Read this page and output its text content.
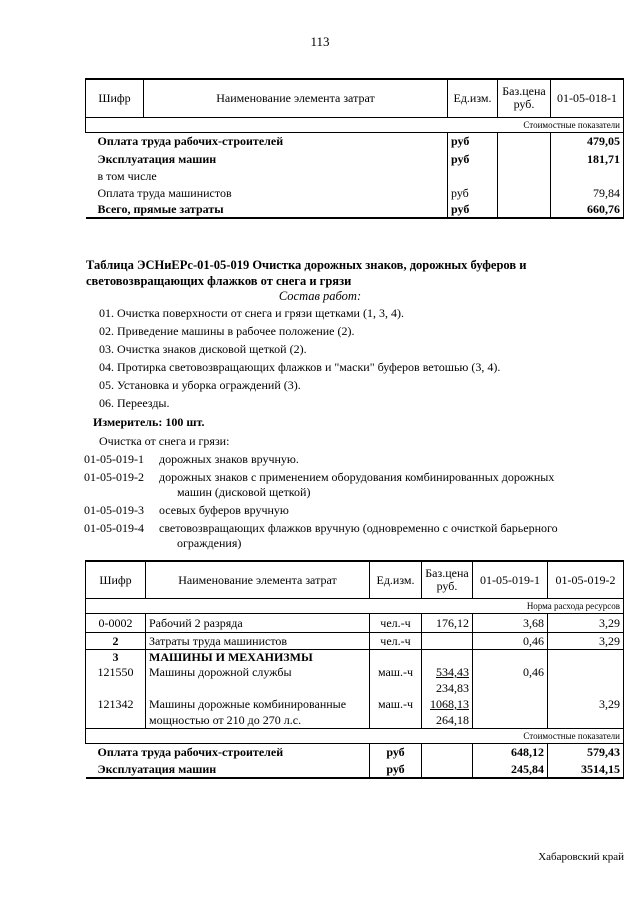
113
Шифр	Наименование элемента затрат	Ед.изм.	Баз.цена руб.	01-05-018-1
Стоимостные показатели				
Оплата труда рабочих-строителей		руб		479,05
Эксплуатация машин		руб		181,71
в том числе				
Оплата труда машинистов		руб		79,84
Всего, прямые затраты		руб		660,76
Таблица ЭСНиЕРс-01-05-019 Очистка дорожных знаков, дорожных буферов и
световозвращающих флажков от снега и грязи
Состав работ:
01. Очистка поверхности от снега и грязи щетками (1, 3, 4).
02. Приведение машины в рабочее положение (2).
03. Очистка знаков дисковой щеткой (2).
04. Протирка световозвращающих флажков и "маски" буферов ветошью (3, 4).
05. Установка и уборка ограждений (3).
06. Переезды.
Измеритель: 100 шт.
Очистка от снега и грязи:
01-05-019-1 дорожных знаков вручную.
01-05-019-2 дорожных знаков с применением оборудования комбинированных дорожных
машин (дисковой щеткой)
01-05-019-3 осевых буферов вручную
01-05-019-4 световозвращающих флажков вручную (одновременно с очисткой барьерного
ограждения)
Шифр	Наименование элемента затрат	Ед.изм.	Баз.цена руб.	01-05-019-1	01-05-019-2
Норма расхода ресурсов					
0-0002	Рабочий 2 разряда	чел.-ч	176,12	3,68	3,29
2	Затраты труда машинистов	чел.-ч		0,46	3,29
3	МАШИНЫ И МЕХАНИЗМЫ				
121550	Машины дорожной службы	маш.-ч	534,43	0,46	
			234,83		
121342	Машины дорожные комбинированные	маш.-ч	1068,13		3,29
	мощностью от 210 до 270 л.с.		264,18		
Стоимостные показатели					
Оплата труда рабочих-строителей		руб		648,12	579,43
Эксплуатация машин		руб		245,84	3514,15
Хабаровский край
